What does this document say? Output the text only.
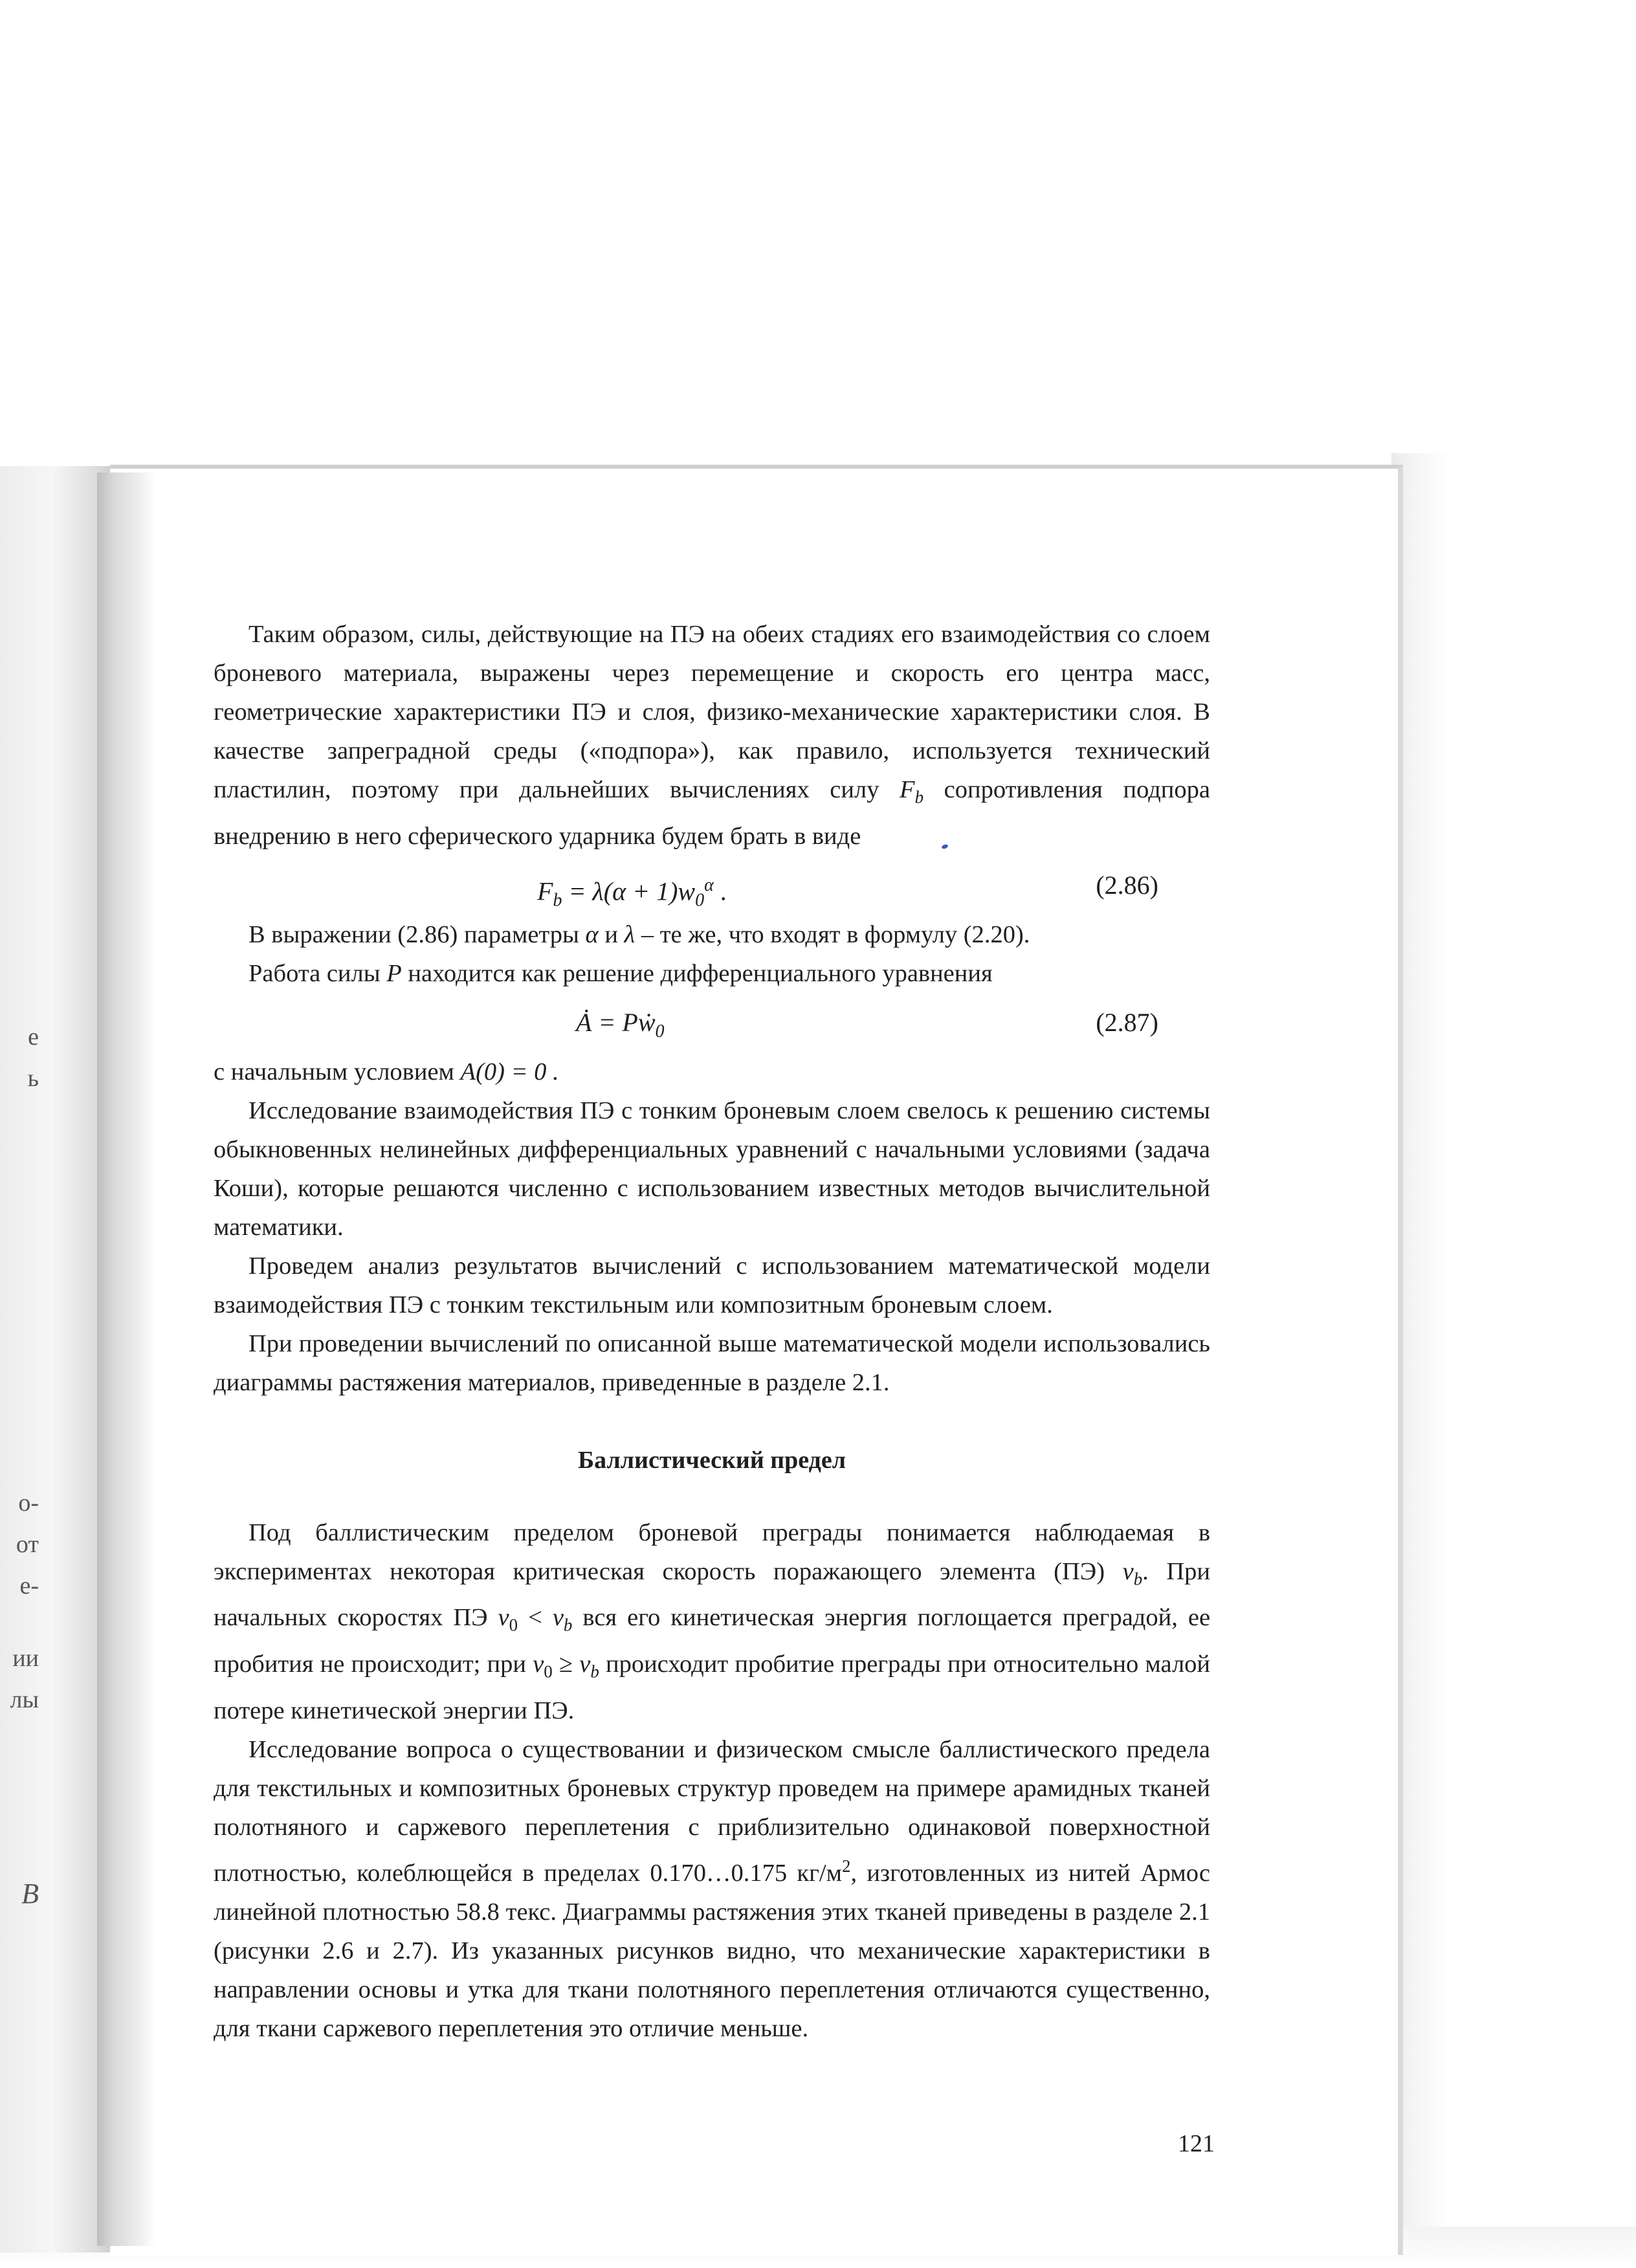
е
ь
о-
от
е-
ии
лы
В

Таким образом, силы, действующие на ПЭ на обеих стадиях его взаимодействия со слоем броневого материала, выражены через перемещение и скорость его центра масс, геометрические характеристики ПЭ и слоя, физико-механические характеристики слоя. В качестве запреградной среды («подпора»), как правило, используется технический пластилин, поэтому при дальнейших вычислениях силу $F_b$ сопротивления подпора внедрению в него сферического ударника будем брать в виде

$F_b = \lambda(\alpha + 1)w_0^\alpha$ .	(2.86)

В выражении (2.86) параметры α и λ – те же, что входят в формулу (2.20).

Работа силы P находится как решение дифференциального уравнения

Ȧ = Pẇ$_0$	(2.87)

с начальным условием A(0) = 0 .

Исследование взаимодействия ПЭ с тонким броневым слоем свелось к решению системы обыкновенных нелинейных дифференциальных уравнений с начальными условиями (задача Коши), которые решаются численно с использованием известных методов вычислительной математики.

Проведем анализ результатов вычислений с использованием математической модели взаимодействия ПЭ с тонким текстильным или композитным броневым слоем.

При проведении вычислений по описанной выше математической модели использовались диаграммы растяжения материалов, приведенные в разделе 2.1.

Баллистический предел

Под баллистическим пределом броневой преграды понимается наблюдаемая в экспериментах некоторая критическая скорость поражающего элемента (ПЭ) $v_b$. При начальных скоростях ПЭ $v_0 < v_b$ вся его кинетическая энергия поглощается преградой, ее пробития не происходит; при $v_0 \ge v_b$ происходит пробитие преграды при относительно малой потере кинетической энергии ПЭ.

Исследование вопроса о существовании и физическом смысле баллистического предела для текстильных и композитных броневых структур проведем на примере арамидных тканей полотняного и саржевого переплетения с приблизительно одинаковой поверхностной плотностью, колеблющейся в пределах 0.170…0.175 $кг/м^2$, изготовленных из нитей Армос линейной плотностью 58.8 текс. Диаграммы растяжения этих тканей приведены в разделе 2.1 (рисунки 2.6 и 2.7). Из указанных рисунков видно, что механические характеристики в направлении основы и утка для ткани полотняного переплетения отличаются существенно, для ткани саржевого переплетения это отличие меньше.

121
